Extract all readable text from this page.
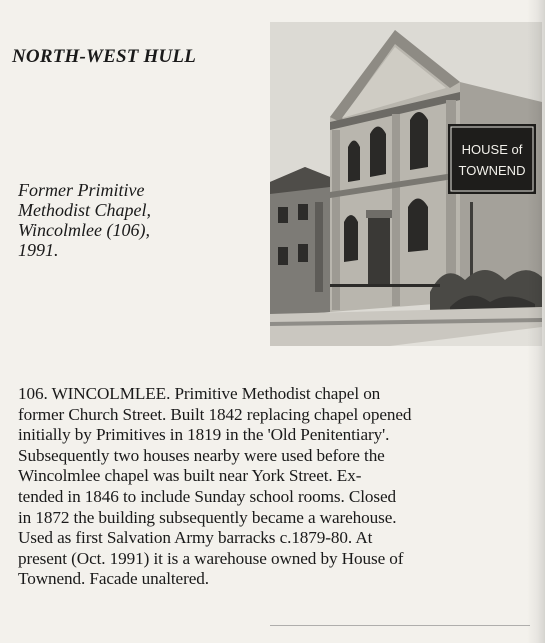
NORTH-WEST HULL
Former Primitive
Methodist Chapel,
Wincolmlee (106),
1991.
HOUSE of
TOWNEND
106. WINCOLMLEE. Primitive Methodist chapel on
former Church Street. Built 1842 replacing chapel opened
initially by Primitives in 1819 in the 'Old Penitentiary'.
Subsequently two houses nearby were used before the
Wincolmlee chapel was built near York Street. Ex-
tended in 1846 to include Sunday school rooms. Closed
in 1872 the building subsequently became a warehouse.
Used as first Salvation Army barracks c.1879-80. At
present (Oct. 1991) it is a warehouse owned by House of
Townend. Facade unaltered.
